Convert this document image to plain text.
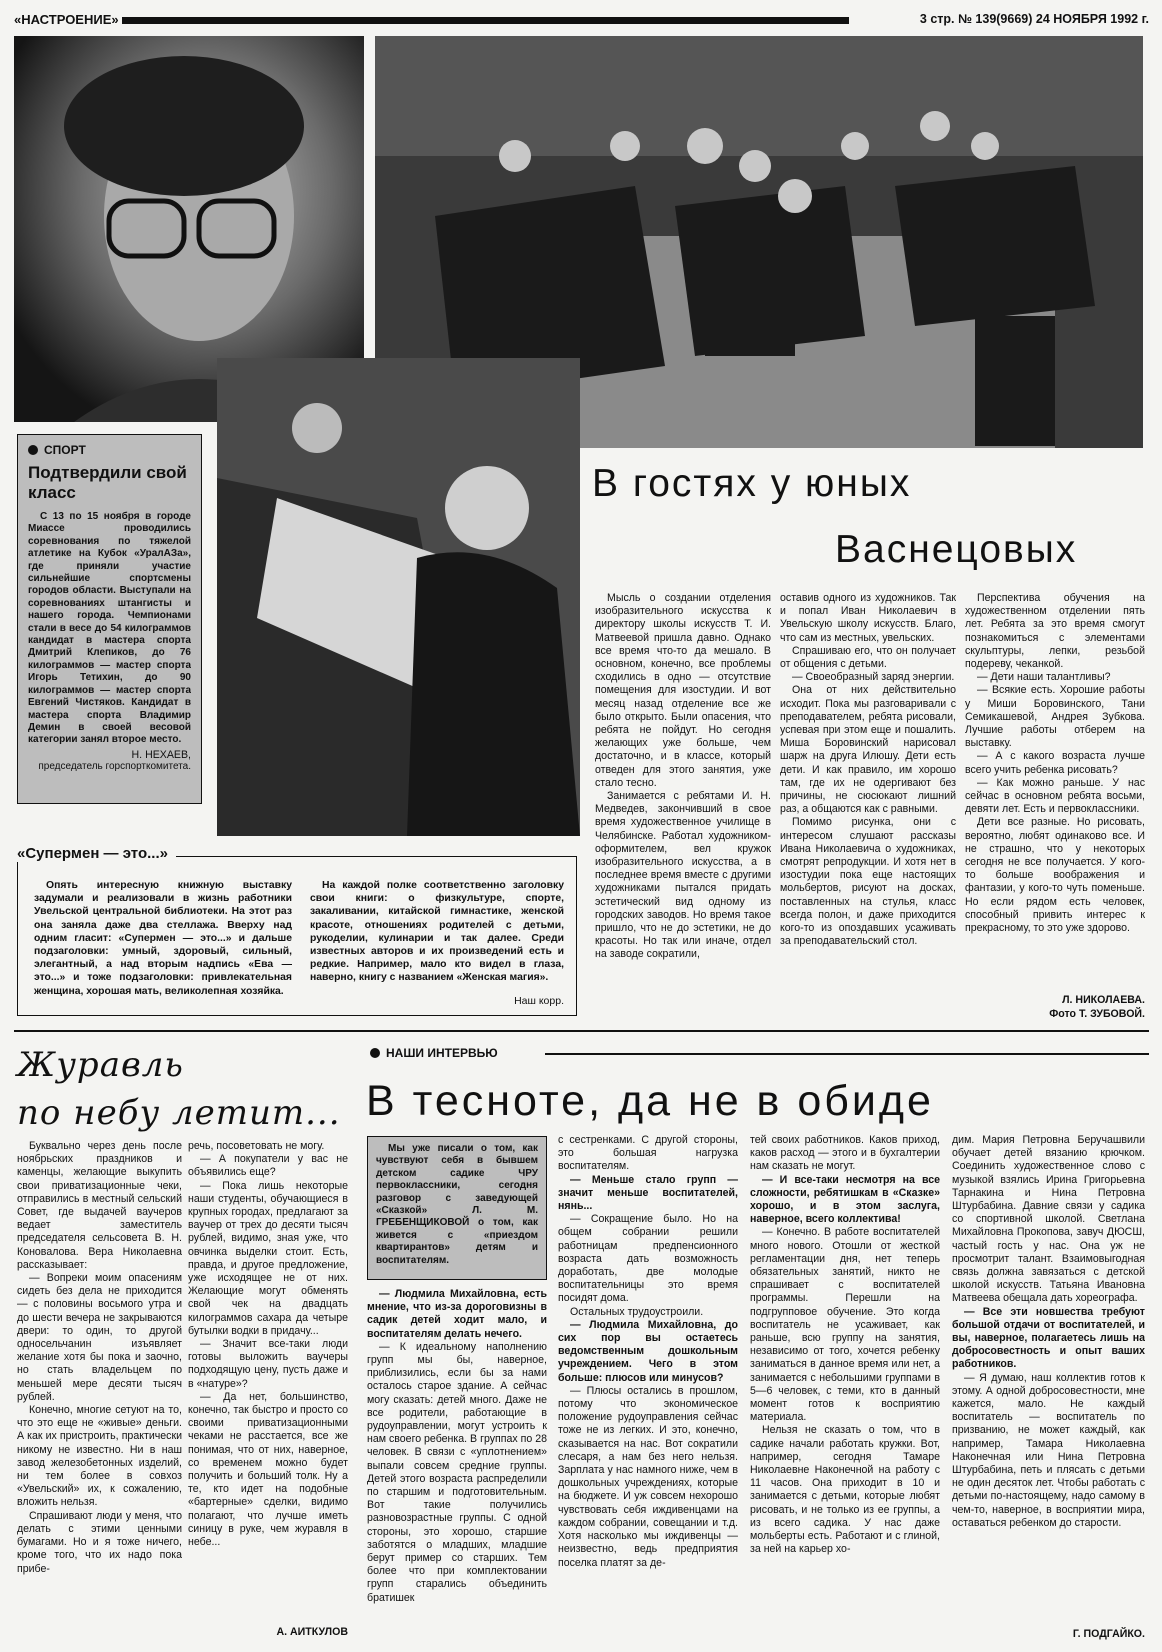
«НАСТРОЕНИЕ»	3 стр. № 139(9669) 24 НОЯБРЯ 1992 г.
СПОРТ
Подтвердили свой класс

С 13 по 15 ноября в городе Миассе проводились соревнования по тяжелой атлетике на Кубок «УралАЗа», где приняли участие сильнейшие спортсмены городов области. Выступали на соревнованиях штангисты и нашего города. Чемпионами стали в весе до 54 килограммов кандидат в мастера спорта Дмитрий Клепиков, до 76 килограммов — мастер спорта Игорь Тетихин, до 90 килограммов — мастер спорта Евгений Чистяков. Кандидат в мастера спорта Владимир Демин в своей весовой категории занял второе место.

Н. НЕХАЕВ,
председатель горспорткомитета.
В гостях у юных
Васнецовых

Мысль о создании отделения изобразительного искусства к директору школы искусств Т. И. Матвеевой пришла давно. Однако все время что-то да мешало. В основном, конечно, все проблемы сходились в одно — отсутствие помещения для изостудии. И вот месяц назад отделение все же было открыто. Были опасения, что ребята не пойдут. Но сегодня желающих уже больше, чем достаточно, и в классе, который отведен для этого занятия, уже стало тесно.

Занимается с ребятами И. Н. Медведев, закончивший в свое время художественное училище в Челябинске. Работал художником-оформителем, вел кружок изобразительного искусства, а в последнее время вместе с другими художниками пытался придать эстетический вид одному из городских заводов. Но время такое пришло, что не до эстетики, не до красоты. Но так или иначе, отдел на заводе сократили,

оставив одного из художников. Так и попал Иван Николаевич в Увельскую школу искусств. Благо, что сам из местных, увельских.

Спрашиваю его, что он получает от общения с детьми.

— Своеобразный заряд энергии.

Она от них действительно исходит. Пока мы разговаривали с преподавателем, ребята рисовали, успевая при этом еще и пошалить. Миша Боровинский нарисовал шарж на друга Илюшу. Дети есть дети. И как правило, им хорошо там, где их не одергивают без причины, не сюсюкают лишний раз, а общаются как с равными.

Помимо рисунка, они с интересом слушают рассказы Ивана Николаевича о художниках, смотрят репродукции. И хотя нет в изостудии пока еще настоящих мольбертов, рисуют на досках, поставленных на стулья, класс всегда полон, и даже приходится кого-то из опоздавших усаживать за преподавательский стол.

Перспектива обучения на художественном отделении пять лет. Ребята за это время смогут познакомиться с элементами скульптуры, лепки, резьбой подереву, чеканкой.

— Дети наши талантливы?

— Всякие есть. Хорошие работы у Миши Боровинского, Тани Семикашевой, Андрея Зубкова. Лучшие работы отберем на выставку.

— А с какого возраста лучше всего учить ребенка рисовать?

— Как можно раньше. У нас сейчас в основном ребята восьми, девяти лет. Есть и первоклассники.

Дети все разные. Но рисовать, вероятно, любят одинаково все. И не страшно, что у некоторых сегодня не все получается. У кого-то больше воображения и фантазии, у кого-то чуть поменьше. Но если рядом есть человек, способный привить интерес к прекрасному, то это уже здорово.

Л. НИКОЛАЕВА.
Фото Т. ЗУБОВОЙ.
«Супермен — это...»

Опять интересную книжную выставку задумали и реализовали в жизнь работники Увельской центральной библиотеки. На этот раз она заняла даже два стеллажа. Вверху над одним гласит: «Супермен — это...» и дальше подзаголовки: умный, здоровый, сильный, элегантный, а над вторым надпись «Ева — это...» и тоже подзаголовки: привлекательная женщина, хорошая мать, великолепная хозяйка.

На каждой полке соответственно заголовку свои книги: о физкультуре, спорте, закаливании, китайской гимнастике, женской красоте, отношениях родителей с детьми, рукоделии, кулинарии и так далее. Среди известных авторов и их произведений есть и редкие. Например, мало кто видел в глаза, наверно, книгу с названием «Женская магия».

Наш корр.
Журавль
по небу летит...

Буквально через день после ноябрьских праздников и каменцы, желающие выкупить свои приватизационные чеки, отправились в местный сельский Совет, где выдачей ваучеров ведает заместитель председателя сельсовета В. Н. Коновалова. Вера Николаевна рассказывает:

— Вопреки моим опасениям сидеть без дела не приходится — с половины восьмого утра и до шести вечера не закрываются двери: то один, то другой односельчанин изъявляет желание хотя бы пока и заочно, но стать владельцем по меньшей мере десяти тысяч рублей.

Конечно, многие сетуют на то, что это еще не «живые» деньги. А как их пристроить, практически никому не известно. Ни в наш завод железобетонных изделий, ни тем более в совхоз «Увельский» их, к сожалению, вложить нельзя.

Спрашивают люди у меня, что делать с этими ценными бумагами. Но и я тоже ничего, кроме того, что их надо пока прибе-

речь, посоветовать не могу.

— А покупатели у вас не объявились еще?

— Пока лишь некоторые наши студенты, обучающиеся в крупных городах, предлагают за ваучер от трех до десяти тысяч рублей, видимо, зная уже, что овчинка выделки стоит. Есть, правда, и другое предложение, уже исходящее не от них. Желающие могут обменять свой чек на двадцать килограммов сахара да четыре бутылки водки в придачу...

— Значит все-таки люди готовы выложить ваучеры подходящую цену, пусть даже и в «натуре»?

— Да нет, большинство, конечно, так быстро и просто со своими приватизационными чеками не расстается, все же понимая, что от них, наверное, со временем можно будет получить и больший толк. Ну а те, кто идет на подобные «бартерные» сделки, видимо полагают, что лучше иметь синицу в руке, чем журавля в небе...

А. АИТКУЛОВ
НАШИ ИНТЕРВЬЮ
В тесноте, да не в обиде

Мы уже писали о том, как чувствуют себя в бывшем детском садике ЧРУ первоклассники, сегодня разговор с заведующей «Сказкой» Л. М. ГРЕБЕНЩИКОВОЙ о том, как живется с «приездом квартирантов» детям и воспитателям.

— Людмила Михайловна, есть мнение, что из-за дороговизны в садик детей ходит мало, и воспитателям делать нечего.

— К идеальному наполнению групп мы бы, наверное, приблизились, если бы за нами осталось старое здание. А сейчас могу сказать: детей много. Даже не все родители, работающие в рудоуправлении, могут устроить к нам своего ребенка. В группах по 28 человек. В связи с «уплотнением» выпали совсем средние группы. Детей этого возраста распределили по старшим и подготовительным. Вот такие получились разновозрастные группы. С одной стороны, это хорошо, старшие заботятся о младших, младшие берут пример со старших. Тем более что при комплектовании групп старались объединить братишек

с сестренками. С другой стороны, это большая нагрузка воспитателям.

— Меньше стало групп — значит меньше воспитателей, нянь...

— Сокращение было. Но на общем собрании решили работницам предпенсионного возраста дать возможность доработать, две молодые воспитательницы это время посидят дома.

Остальных трудоустроили.

— Людмила Михайловна, до сих пор вы остаетесь ведомственным дошкольным учреждением. Чего в этом больше: плюсов или минусов?

— Плюсы остались в прошлом, потому что экономическое положение рудоуправления сейчас тоже не из легких. И это, конечно, сказывается на нас. Вот сократили слесаря, а нам без него нельзя. Зарплата у нас намного ниже, чем в дошкольных учреждениях, которые на бюджете. И уж совсем нехорошо чувствовать себя иждивенцами на каждом собрании, совещании и т.д. Хотя насколько мы иждивенцы — неизвестно, ведь предприятия поселка платят за де-

тей своих работников. Каков приход, каков расход — этого и в бухгалтерии нам сказать не могут.

— И все-таки несмотря на все сложности, ребятишкам в «Сказке» хорошо, и в этом заслуга, наверное, всего коллектива!

— Конечно. В работе воспитателей много нового. Отошли от жесткой регламентации дня, нет теперь обязательных занятий, никто не спрашивает с воспитателей программы. Перешли на подгрупповое обучение. Это когда воспитатель не усаживает, как раньше, всю группу на занятия, независимо от того, хочется ребенку заниматься в данное время или нет, а занимается с небольшими группами в 5—6 человек, с теми, кто в данный момент готов к восприятию материала.

Нельзя не сказать о том, что в садике начали работать кружки. Вот, например, сегодня Тамаре Николаевне Наконечной на работу с 11 часов. Она приходит в 10 и занимается с детьми, которые любят рисовать, и не только из ее группы, а из всего садика. У нас даже мольберты есть. Работают и с глиной, за ней на карьер хо-

дим. Мария Петровна Беручашвили обучает детей вязанию крючком. Соединить художественное слово с музыкой взялись Ирина Григорьевна Тарнакина и Нина Петровна Штурбабина. Давние связи у садика со спортивной школой. Светлана Михайловна Прокопова, завуч ДЮСШ, частый гость у нас. Она уж не просмотрит талант. Взаимовыгодная связь должна завязаться с детской школой искусств. Татьяна Ивановна Матвеева обещала дать хореографа.

— Все эти новшества требуют большой отдачи от воспитателей, и вы, наверное, полагаетесь лишь на добросовестность и опыт ваших работников.

— Я думаю, наш коллектив готов к этому. А одной добросовестности, мне кажется, мало. Не каждый воспитатель — воспитатель по призванию, не может каждый, как например, Тамара Николаевна Наконечная или Нина Петровна Штурбабина, петь и плясать с детьми не один десяток лет. Чтобы работать с детьми по-настоящему, надо самому в чем-то, наверное, в восприятии мира, оставаться ребенком до старости.

Г. ПОДГАЙКО.
